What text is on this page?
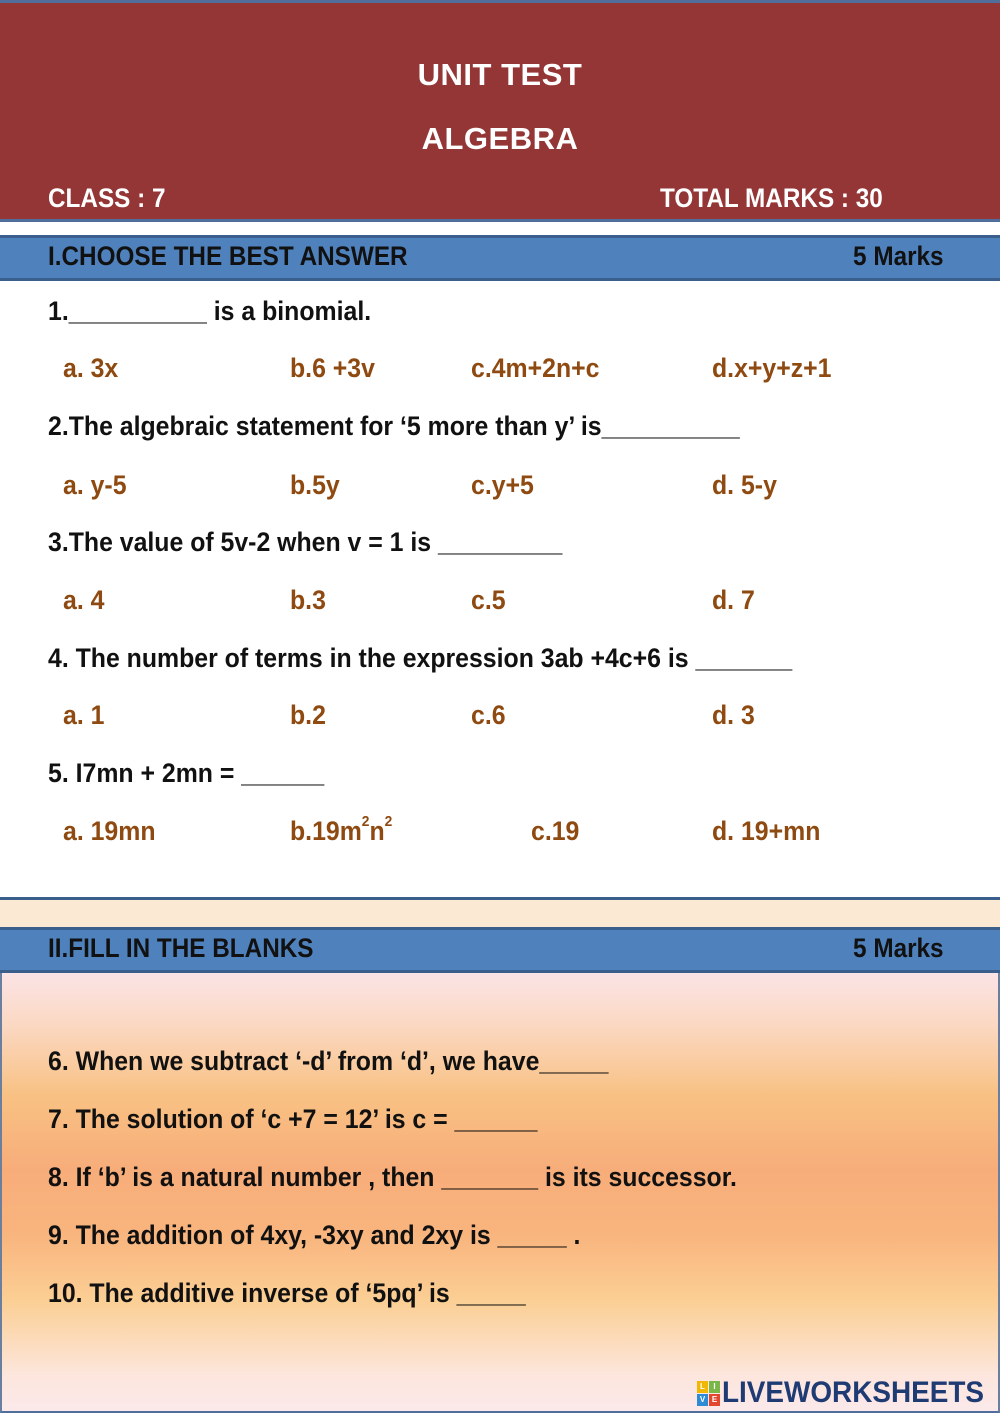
UNIT TEST
ALGEBRA
CLASS : 7	TOTAL MARKS : 30
I.CHOOSE THE BEST ANSWER	5 Marks
1.__________ is a binomial.
a. 3x	b.6 +3v	c.4m+2n+c	d.x+y+z+1
2.The algebraic statement for ‘5 more than y’ is__________
a. y-5	b.5y	c.y+5	d. 5-y
3.The value of 5v-2 when v = 1 is _________
a. 4	b.3	c.5	d. 7
4. The number of terms in the expression 3ab +4c+6 is _______
a. 1	b.2	c.6	d. 3
5. I7mn + 2mn = ______
a. 19mn	$b.19m^2n^2$	c.19	d. 19+mn
II.FILL IN THE BLANKS	5 Marks
6. When we subtract ‘-d’ from ‘d’, we have_____
7. The solution of ‘c +7 = 12’ is c = ______
8. If ‘b’ is a natural number , then _______ is its successor.
9. The addition of 4xy, -3xy and 2xy is _____ .
10. The additive inverse of ‘5pq’ is _____
L	I
V E LIVEWORKSHEETS
